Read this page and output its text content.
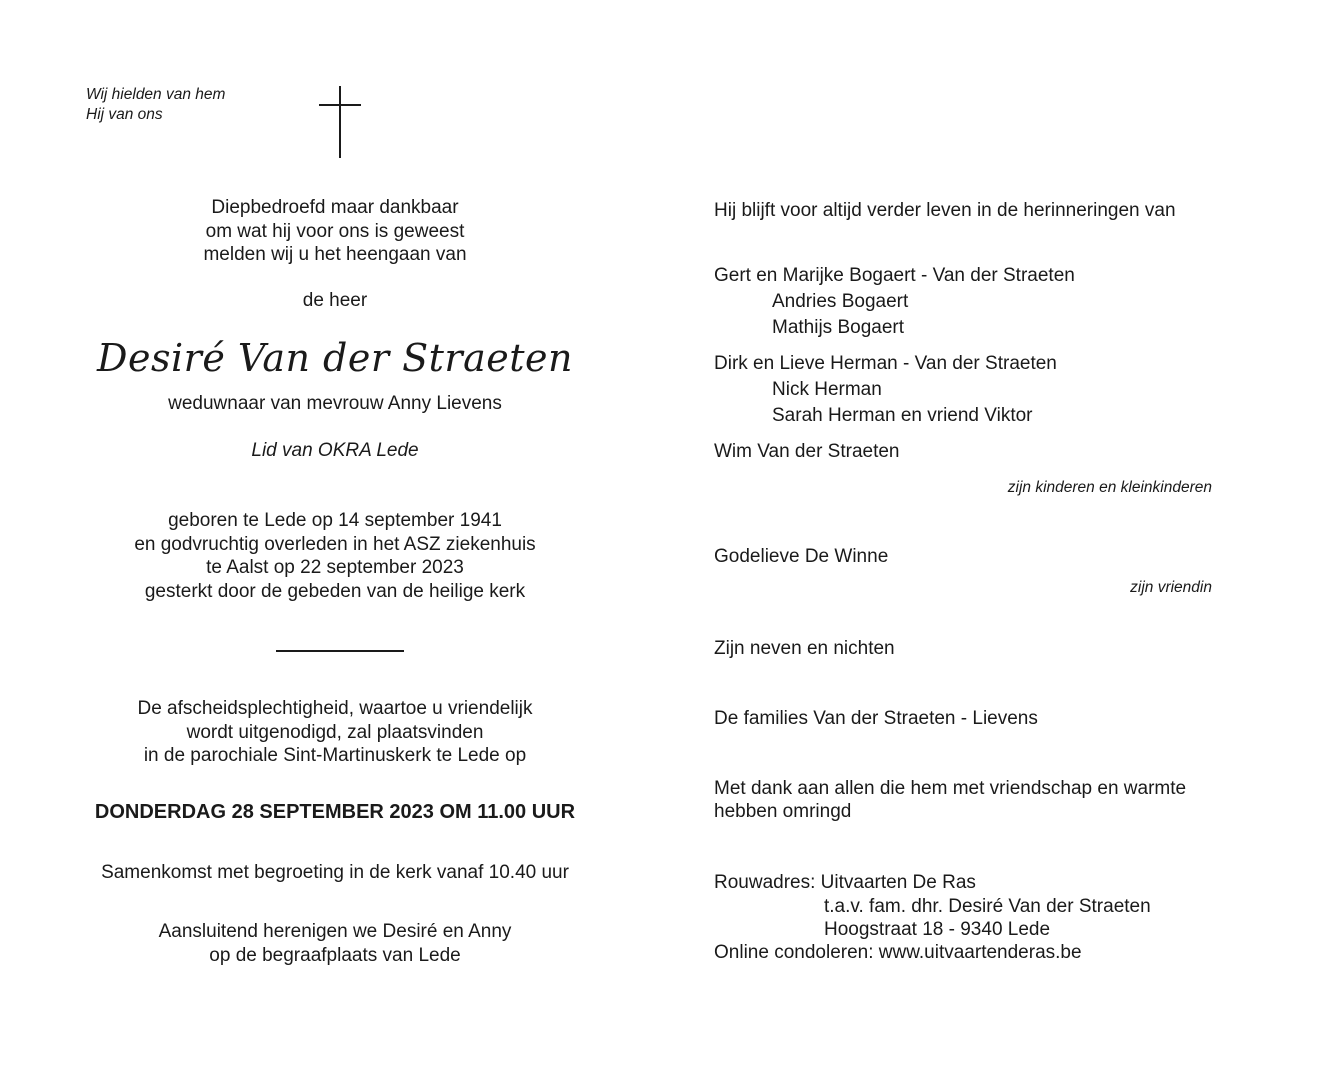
Wij hielden van hem
Hij van ons
Diepbedroefd maar dankbaar
om wat hij voor ons is geweest
melden wij u het heengaan van
de heer
Desiré Van der Straeten
weduwnaar van mevrouw Anny Lievens
Lid van OKRA Lede
geboren te Lede op 14 september 1941
en godvruchtig overleden in het ASZ ziekenhuis
te Aalst op 22 september 2023
gesterkt door de gebeden van de heilige kerk
De afscheidsplechtigheid, waartoe u vriendelijk
wordt uitgenodigd, zal plaatsvinden
in de parochiale Sint-Martinuskerk te Lede op
DONDERDAG 28 SEPTEMBER 2023 OM 11.00 UUR
Samenkomst met begroeting in de kerk vanaf 10.40 uur
Aansluitend herenigen we Desiré en Anny
op de begraafplaats van Lede
Hij blijft voor altijd verder leven in de herinneringen van
Gert en Marijke Bogaert - Van der Straeten
Andries Bogaert
Mathijs Bogaert
Dirk en Lieve Herman - Van der Straeten
Nick Herman
Sarah Herman en vriend Viktor
Wim Van der Straeten
zijn kinderen en kleinkinderen
Godelieve De Winne
zijn vriendin
Zijn neven en nichten
De families Van der Straeten - Lievens
Met dank aan allen die hem met vriendschap en warmte
hebben omringd
Rouwadres: Uitvaarten De Ras
t.a.v. fam. dhr. Desiré Van der Straeten
Hoogstraat 18 - 9340 Lede
Online condoleren: www.uitvaartenderas.be
